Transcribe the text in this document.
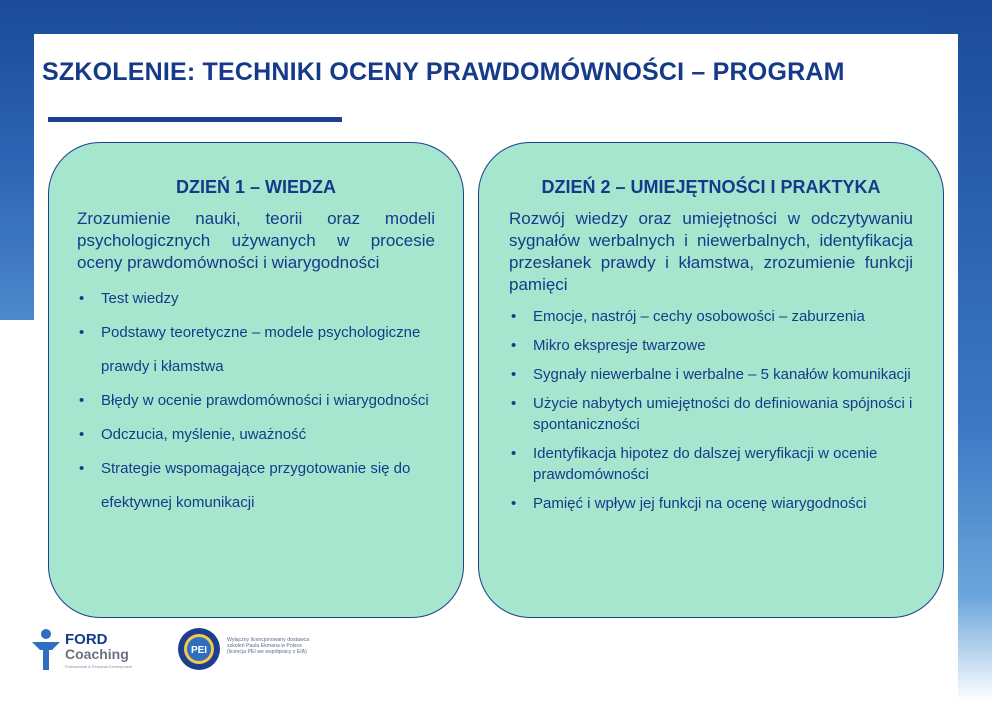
SZKOLENIE: TECHNIKI OCENY PRAWDOMÓWNOŚCI – PROGRAM
DZIEŃ 1 – WIEDZA

Zrozumienie nauki, teorii oraz modeli psychologicznych używanych w procesie oceny prawdomówności i wiarygodności

• Test wiedzy
• Podstawy teoretyczne – modele psychologiczne prawdy i kłamstwa
• Błędy w ocenie prawdomówności i wiarygodności
• Odczucia, myślenie, uważność
• Strategie wspomagające przygotowanie się do efektywnej komunikacji
DZIEŃ 2 – UMIEJĘTNOŚCI I PRAKTYKA

Rozwój wiedzy oraz umiejętności w odczytywaniu sygnałów werbalnych i niewerbalnych, identyfikacja przesłanek prawdy i kłamstwa, zrozumienie funkcji pamięci

• Emocje, nastrój – cechy osobowości – zaburzenia
• Mikro ekspresje twarzowe
• Sygnały niewerbalne i werbalne – 5 kanałów komunikacji
• Użycie nabytych umiejętności do definiowania spójności i spontaniczności
• Identyfikacja hipotez do dalszej weryfikacji w ocenie prawdomówności
• Pamięć i wpływ jej funkcji na ocenę wiarygodności
FORD
Coaching
Professional & Personal Development
PEI
Wyłączny licencjonowany dostawca
szkoleń Paula Ekmana w Polsce
(licencja PEI we współpracy z EIA)
